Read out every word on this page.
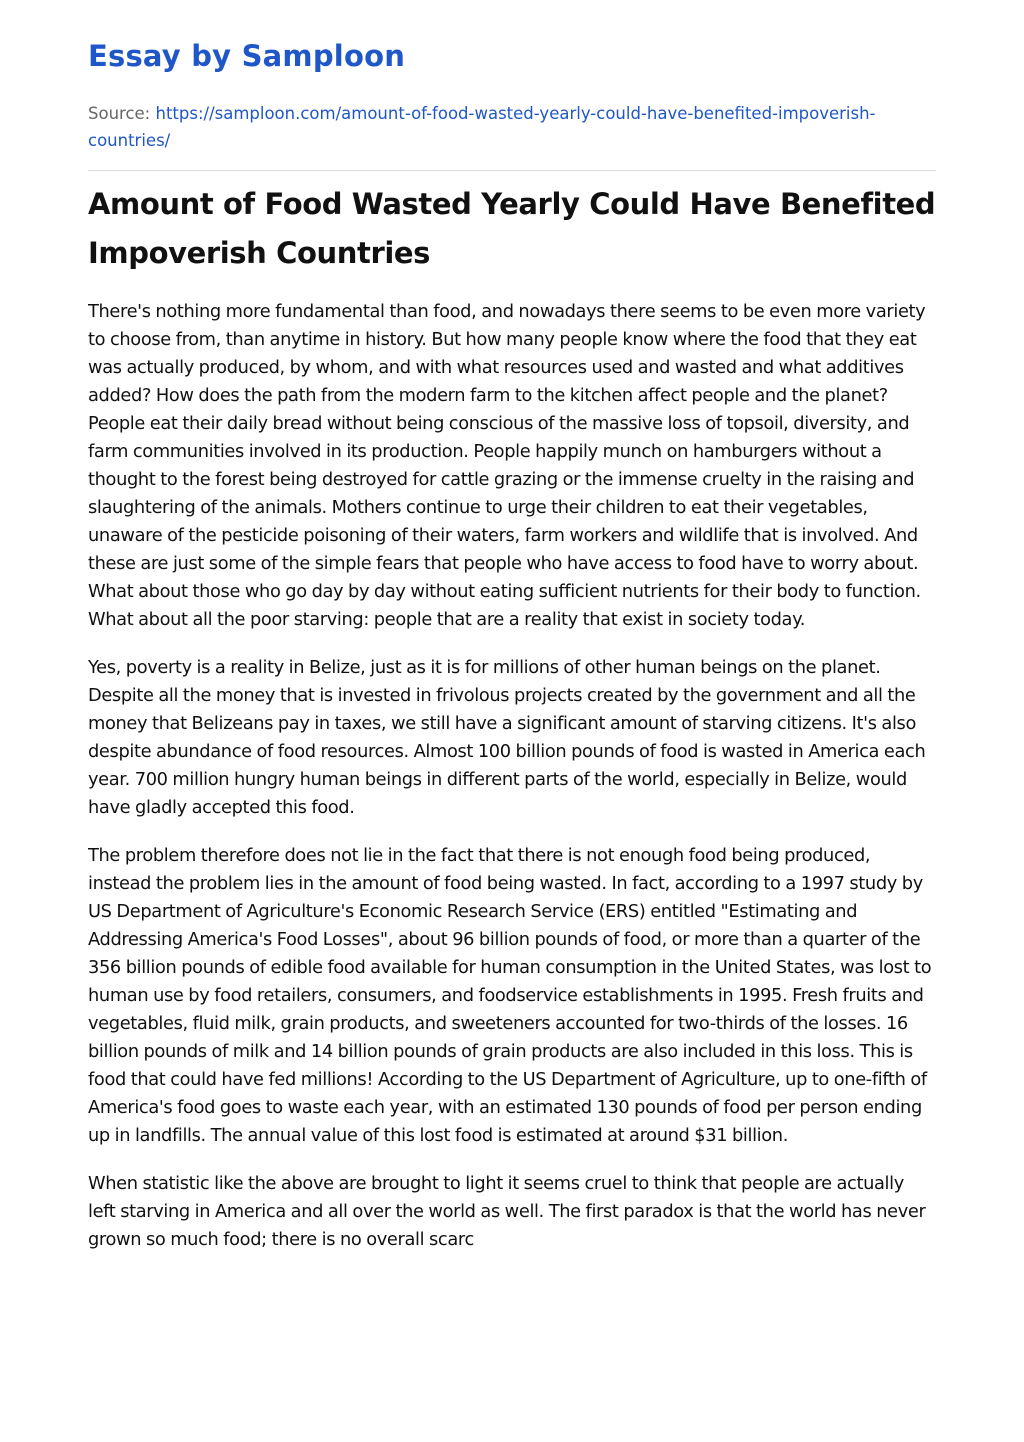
Essay by Samploon
Source: https://samploon.com/amount-of-food-wasted-yearly-could-have-benefited-impoverish-countries/
Amount of Food Wasted Yearly Could Have Benefited Impoverish Countries

There's nothing more fundamental than food, and nowadays there seems to be even more variety to choose from, than anytime in history. But how many people know where the food that they eat was actually produced, by whom, and with what resources used and wasted and what additives added? How does the path from the modern farm to the kitchen affect people and the planet? People eat their daily bread without being conscious of the massive loss of topsoil, diversity, and farm communities involved in its production. People happily munch on hamburgers without a thought to the forest being destroyed for cattle grazing or the immense cruelty in the raising and slaughtering of the animals. Mothers continue to urge their children to eat their vegetables, unaware of the pesticide poisoning of their waters, farm workers and wildlife that is involved. And these are just some of the simple fears that people who have access to food have to worry about. What about those who go day by day without eating sufficient nutrients for their body to function. What about all the poor starving: people that are a reality that exist in society today.

Yes, poverty is a reality in Belize, just as it is for millions of other human beings on the planet. Despite all the money that is invested in frivolous projects created by the government and all the money that Belizeans pay in taxes, we still have a significant amount of starving citizens. It's also despite abundance of food resources. Almost 100 billion pounds of food is wasted in America each year. 700 million hungry human beings in different parts of the world, especially in Belize, would have gladly accepted this food.

The problem therefore does not lie in the fact that there is not enough food being produced, instead the problem lies in the amount of food being wasted. In fact, according to a 1997 study by US Department of Agriculture's Economic Research Service (ERS) entitled "Estimating and Addressing America's Food Losses", about 96 billion pounds of food, or more than a quarter of the 356 billion pounds of edible food available for human consumption in the United States, was lost to human use by food retailers, consumers, and foodservice establishments in 1995. Fresh fruits and vegetables, fluid milk, grain products, and sweeteners accounted for two-thirds of the losses. 16 billion pounds of milk and 14 billion pounds of grain products are also included in this loss. This is food that could have fed millions! According to the US Department of Agriculture, up to one-fifth of America's food goes to waste each year, with an estimated 130 pounds of food per person ending up in landfills. The annual value of this lost food is estimated at around $31 billion.

When statistic like the above are brought to light it seems cruel to think that people are actually left starving in America and all over the world as well. The first paradox is that the world has never grown so much food; there is no overall scarc
